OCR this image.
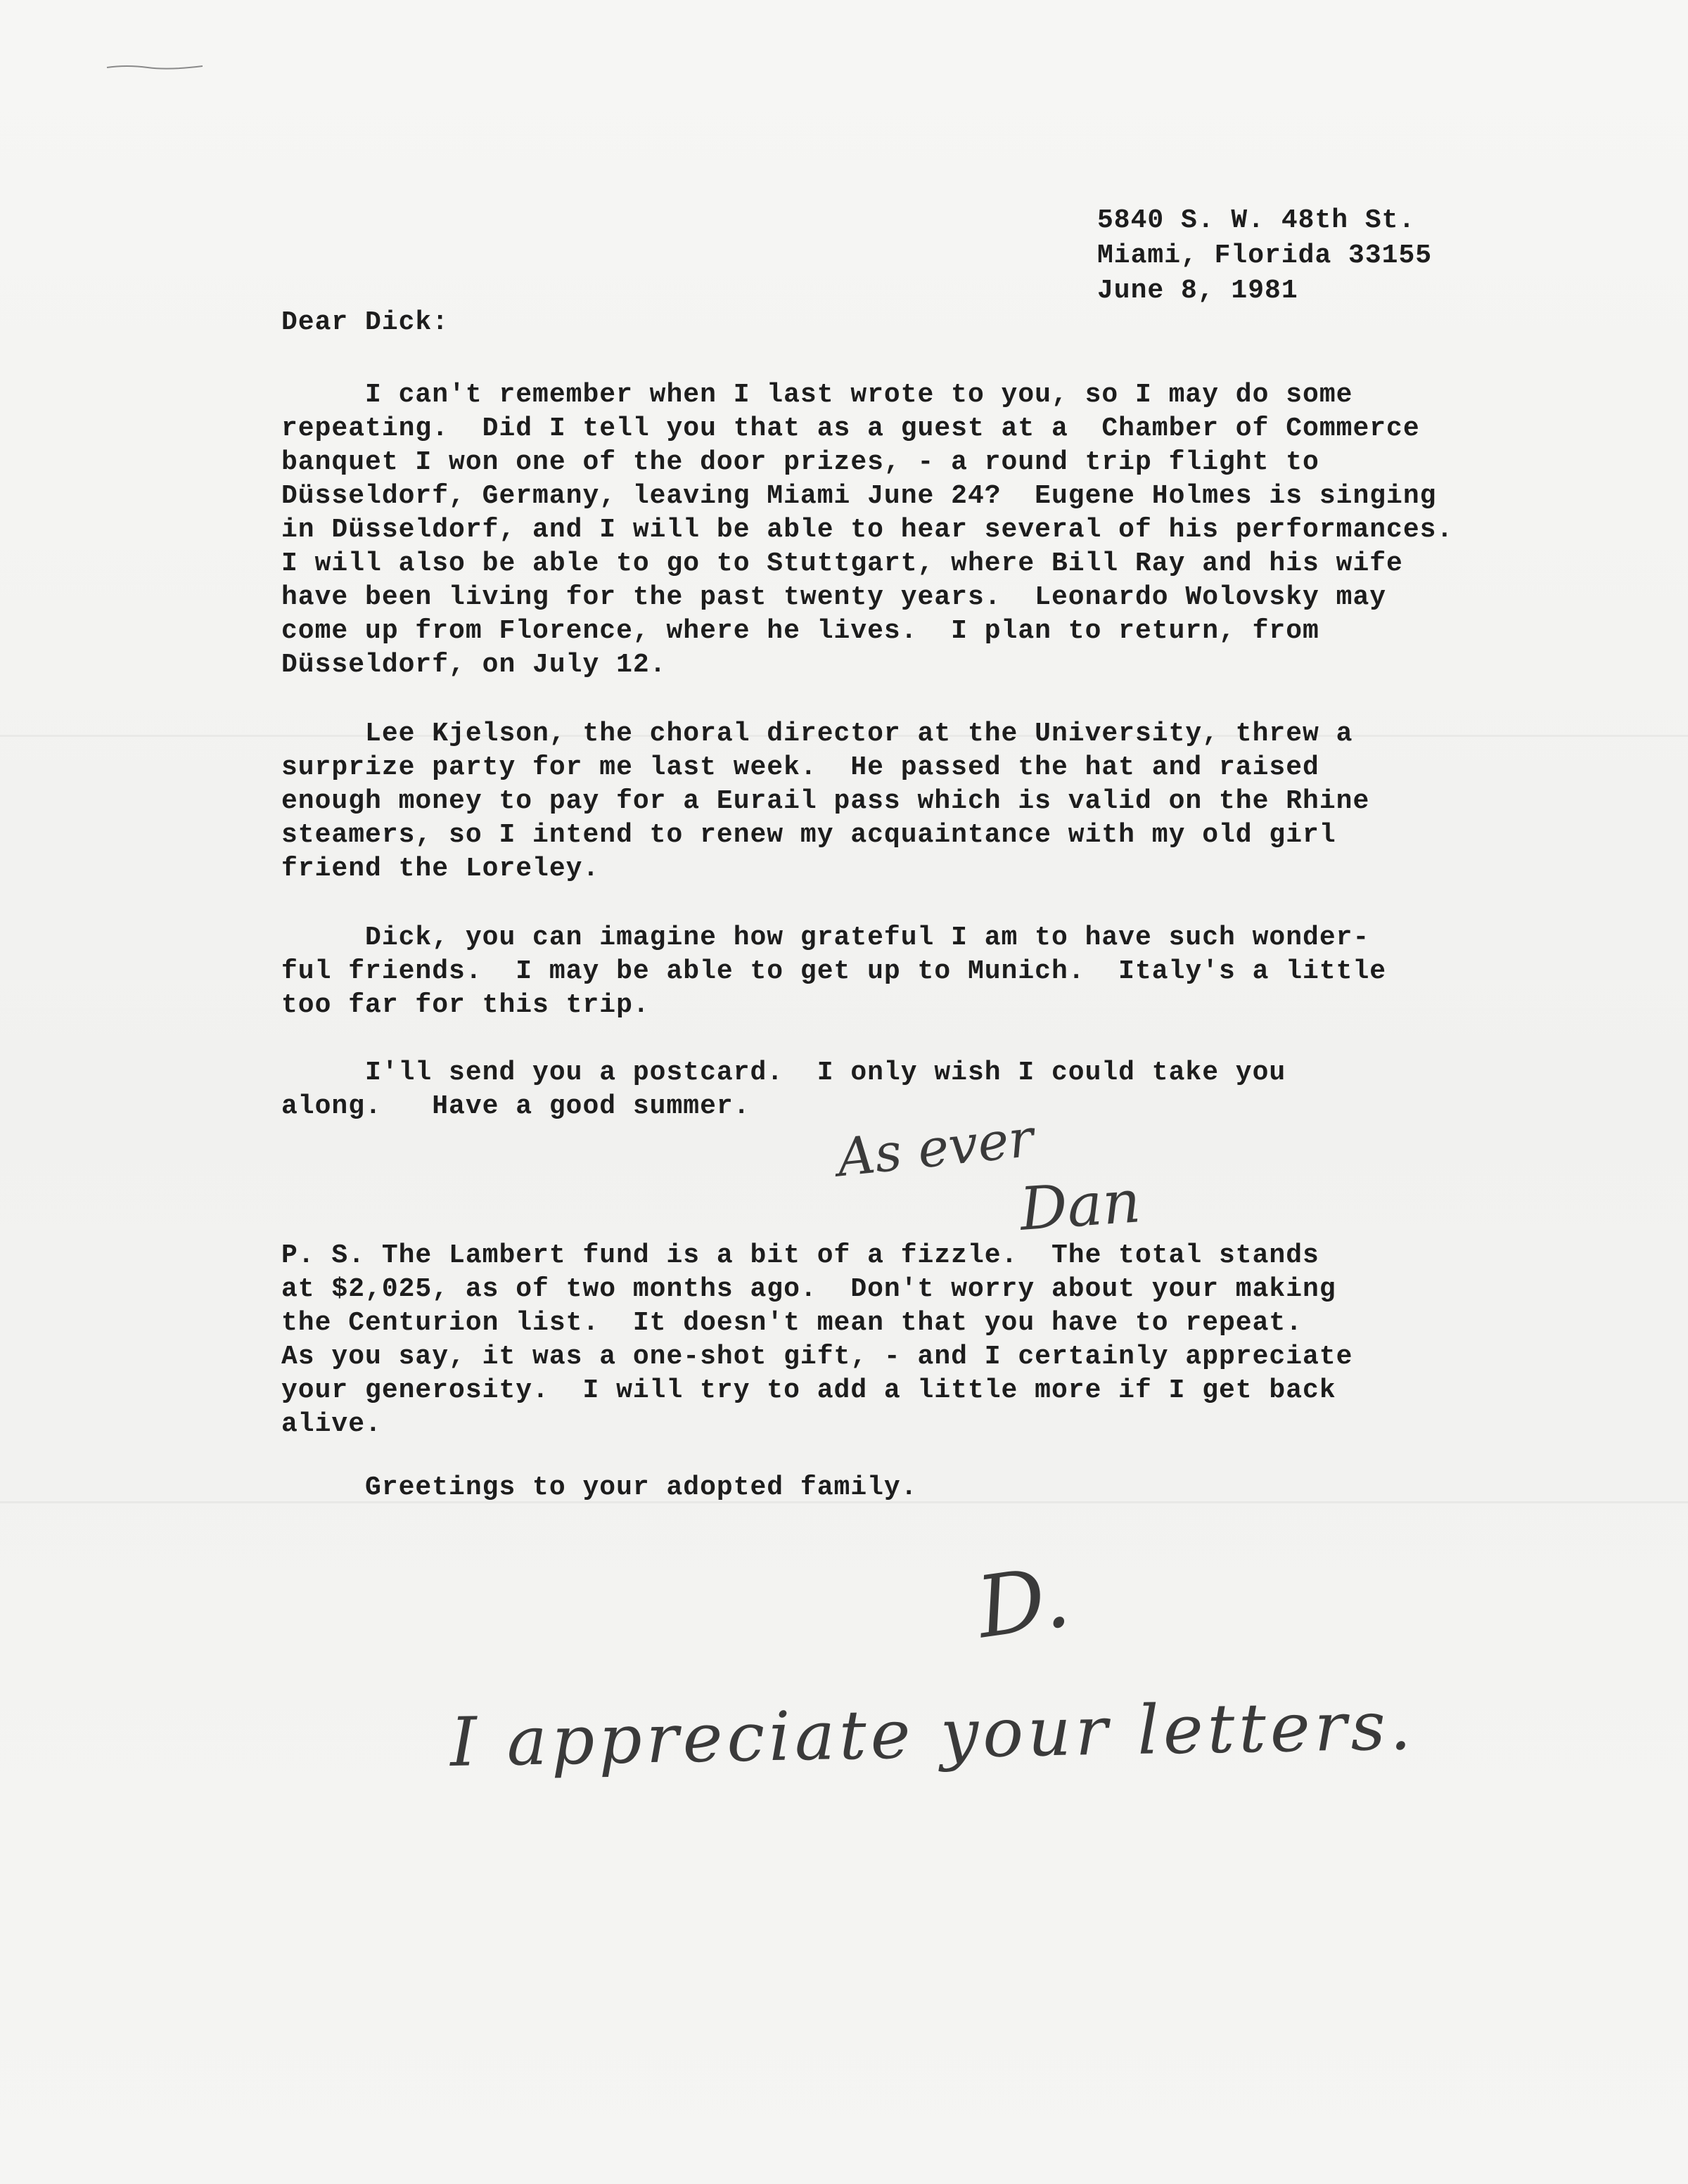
5840 S. W. 48th St.
Miami, Florida 33155
June 8, 1981
Dear Dick:
I can't remember when I last wrote to you, so I may do some
repeating.  Did I tell you that as a guest at a  Chamber of Commerce
banquet I won one of the door prizes, - a round trip flight to
Düsseldorf, Germany, leaving Miami June 24?  Eugene Holmes is singing
in Düsseldorf, and I will be able to hear several of his performances.
I will also be able to go to Stuttgart, where Bill Ray and his wife
have been living for the past twenty years.  Leonardo Wolovsky may
come up from Florence, where he lives.  I plan to return, from
Düsseldorf, on July 12.
Lee Kjelson, the choral director at the University, threw a
surprize party for me last week.  He passed the hat and raised
enough money to pay for a Eurail pass which is valid on the Rhine
steamers, so I intend to renew my acquaintance with my old girl
friend the Loreley.
Dick, you can imagine how grateful I am to have such wonder-
ful friends.  I may be able to get up to Munich.  Italy's a little
too far for this trip.
I'll send you a postcard.  I only wish I could take you
along.   Have a good summer.
As ever
Dan
P. S. The Lambert fund is a bit of a fizzle.  The total stands
at $2,025, as of two months ago.  Don't worry about your making
the Centurion list.  It doesn't mean that you have to repeat.
As you say, it was a one-shot gift, - and I certainly appreciate
your generosity.  I will try to add a little more if I get back
alive.
Greetings to your adopted family.
D.
I appreciate your letters.
